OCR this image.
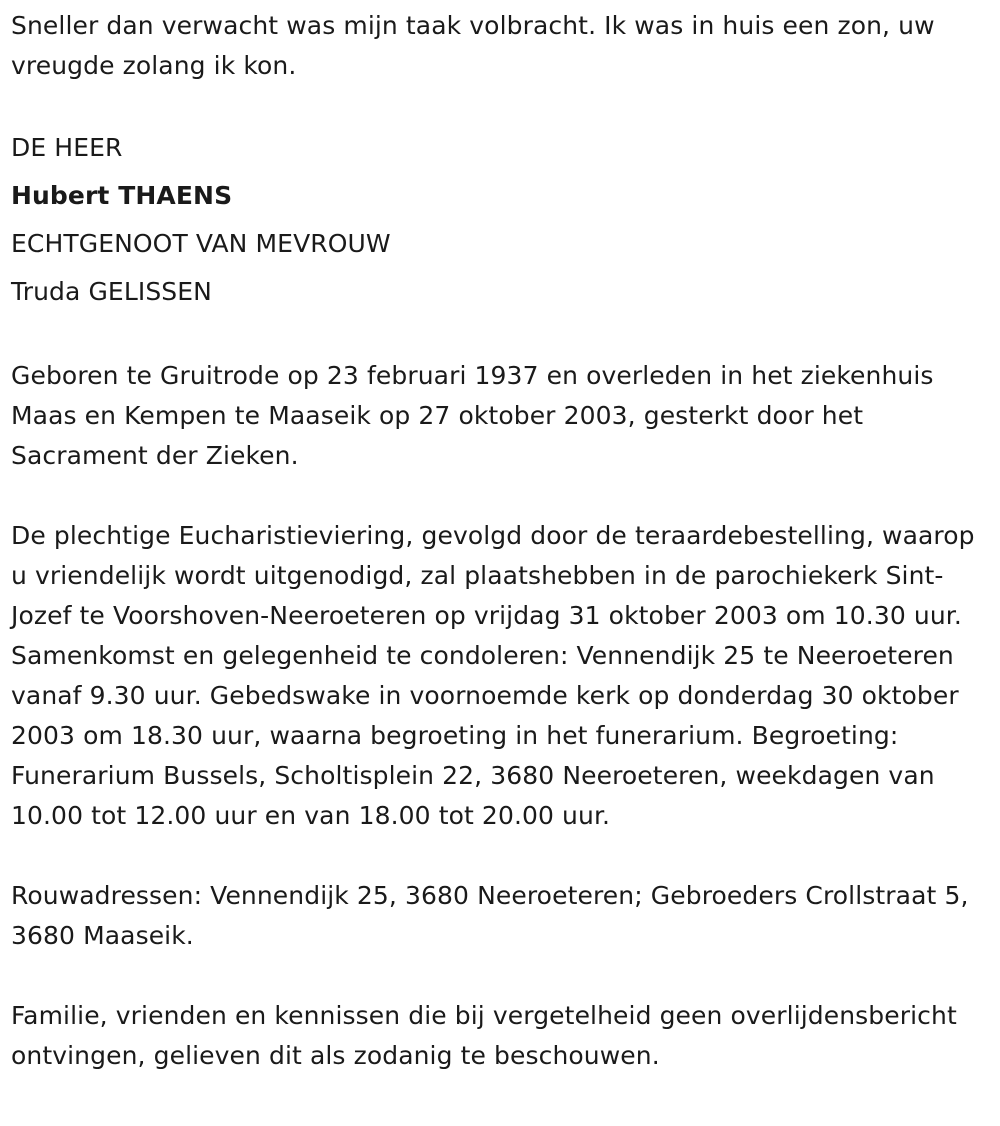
Sneller dan verwacht was mijn taak volbracht. Ik was in huis een zon, uw vreugde zolang ik kon.

DE HEER

Hubert THAENS

ECHTGENOOT VAN MEVROUW

Truda GELISSEN

Geboren te Gruitrode op 23 februari 1937 en overleden in het ziekenhuis Maas en Kempen te Maaseik op 27 oktober 2003, gesterkt door het Sacrament der Zieken.

De plechtige Eucharistieviering, gevolgd door de teraardebestelling, waarop u vriendelijk wordt uitgenodigd, zal plaatshebben in de parochiekerk Sint-Jozef te Voorshoven-Neeroeteren op vrijdag 31 oktober 2003 om 10.30 uur. Samenkomst en gelegenheid te condoleren: Vennendijk 25 te Neeroeteren vanaf 9.30 uur. Gebedswake in voornoemde kerk op donderdag 30 oktober 2003 om 18.30 uur, waarna begroeting in het funerarium. Begroeting: Funerarium Bussels, Scholtisplein 22, 3680 Neeroeteren, weekdagen van 10.00 tot 12.00 uur en van 18.00 tot 20.00 uur.

Rouwadressen: Vennendijk 25, 3680 Neeroeteren; Gebroeders Crollstraat 5, 3680 Maaseik.

Familie, vrienden en kennissen die bij vergetelheid geen overlijdensbericht ontvingen, gelieven dit als zodanig te beschouwen.
